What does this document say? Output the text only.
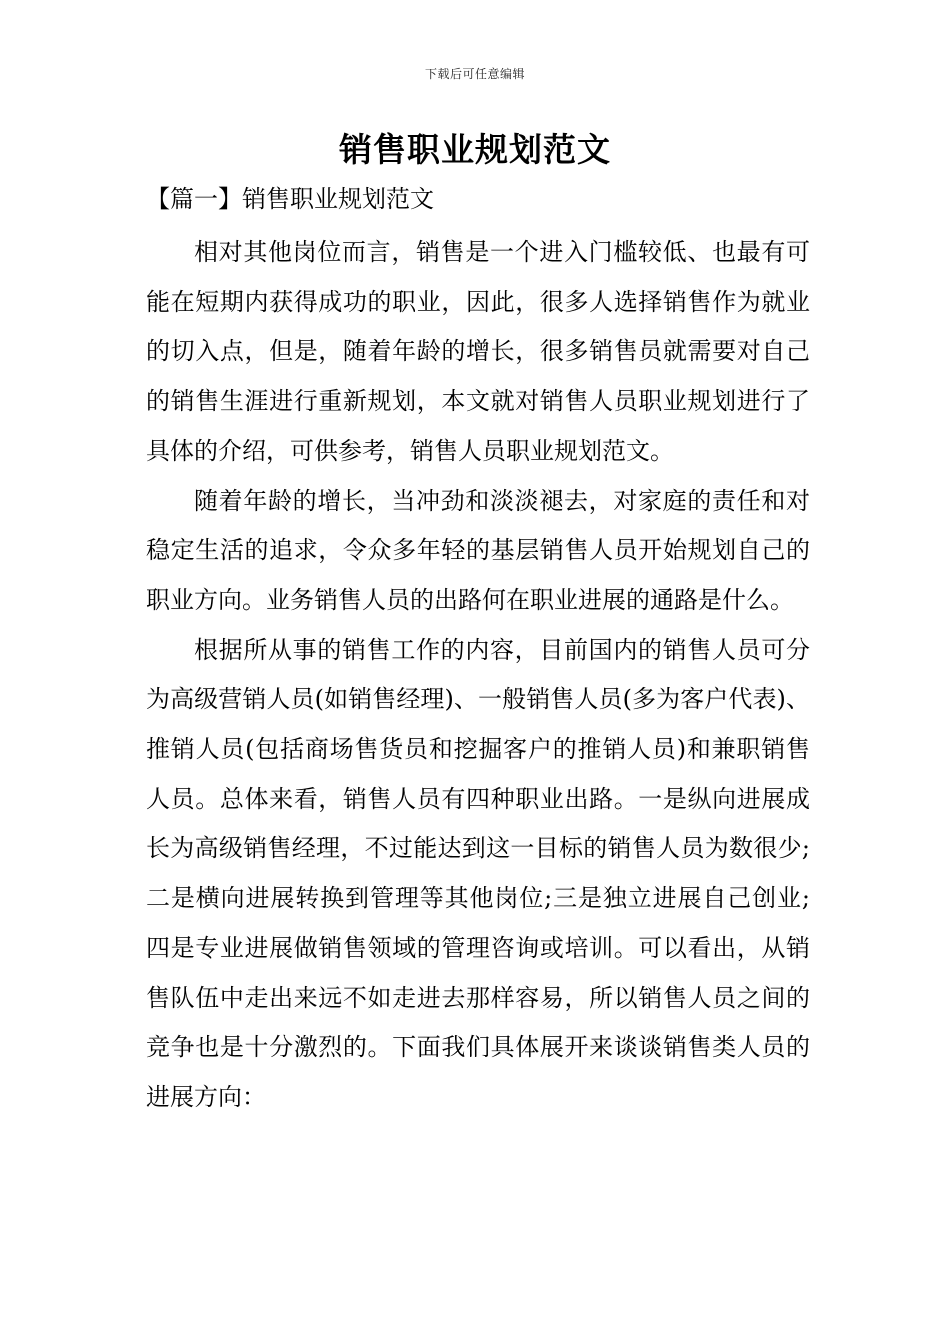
下载后可任意编辑
销售职业规划范文
【篇一】销售职业规划范文

相对其他岗位而言，销售是一个进入门槛较低、也最有可能在短期内获得成功的职业，因此，很多人选择销售作为就业的切入点，但是，随着年龄的增长，很多销售员就需要对自己的销售生涯进行重新规划，本文就对销售人员职业规划进行了具体的介绍，可供参考，销售人员职业规划范文。

随着年龄的增长，当冲劲和淡淡褪去，对家庭的责任和对稳定生活的追求，令众多年轻的基层销售人员开始规划自己的职业方向。业务销售人员的出路何在职业进展的通路是什么。

根据所从事的销售工作的内容，目前国内的销售人员可分为高级营销人员(如销售经理)、一般销售人员(多为客户代表)、推销人员(包括商场售货员和挖掘客户的推销人员)和兼职销售人员。总体来看，销售人员有四种职业出路。一是纵向进展成长为高级销售经理，不过能达到这一目标的销售人员为数很少;二是横向进展转换到管理等其他岗位;三是独立进展自己创业;四是专业进展做销售领域的管理咨询或培训。可以看出，从销售队伍中走出来远不如走进去那样容易，所以销售人员之间的竞争也是十分激烈的。下面我们具体展开来谈谈销售类人员的进展方向：
